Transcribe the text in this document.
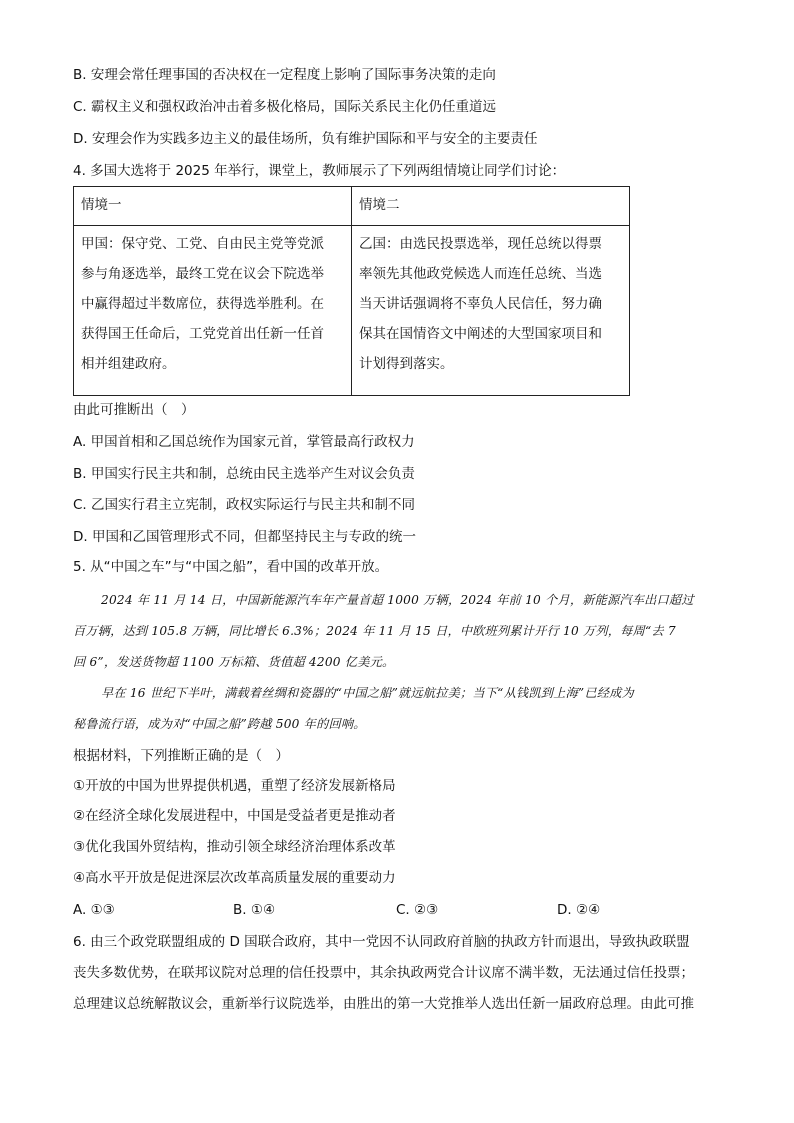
B. 安理会常任理事国的否决权在一定程度上影响了国际事务决策的走向
C. 霸权主义和强权政治冲击着多极化格局，国际关系民主化仍任重道远
D. 安理会作为实践多边主义的最佳场所，负有维护国际和平与安全的主要责任
4. 多国大选将于 2025 年举行，课堂上，教师展示了下列两组情境让同学们讨论：
情境一	情境二

甲国：保守党、工党、自由民主党等党派
参与角逐选举，最终工党在议会下院选举
中赢得超过半数席位，获得选举胜利。在
获得国王任命后，工党党首出任新一任首
相并组建政府。	乙国：由选民投票选举，现任总统以得票
率领先其他政党候选人而连任总统、当选
当天讲话强调将不辜负人民信任，努力确
保其在国情咨文中阐述的大型国家项目和
计划得到落实。
由此可推断出（　）
A. 甲国首相和乙国总统作为国家元首，掌管最高行政权力
B. 甲国实行民主共和制，总统由民主选举产生对议会负责
C. 乙国实行君主立宪制，政权实际运行与民主共和制不同
D. 甲国和乙国管理形式不同，但都坚持民主与专政的统一
5. 从“中国之车”与“中国之船”，看中国的改革开放。
2024 年 11 月 14 日，中国新能源汽车年产量首超 1000 万辆，2024 年前 10 个月，新能源汽车出口超过
百万辆，达到 105.8 万辆，同比增长 6.3%；2024 年 11 月 15 日，中欧班列累计开行 10 万列，每周“去 7
回 6”，发送货物超 1100 万标箱、货值超 4200 亿美元。
早在 16 世纪下半叶，满载着丝绸和瓷器的“中国之船”就远航拉美；当下“从钱凯到上海”已经成为
秘鲁流行语，成为对“中国之船”跨越 500 年的回响。
根据材料，下列推断正确的是（　）
①开放的中国为世界提供机遇，重塑了经济发展新格局
②在经济全球化发展进程中，中国是受益者更是推动者
③优化我国外贸结构，推动引领全球经济治理体系改革
④高水平开放是促进深层次改革高质量发展的重要动力
A. ①③	B. ①④	C. ②③	D. ②④
6. 由三个政党联盟组成的 D 国联合政府，其中一党因不认同政府首脑的执政方针而退出，导致执政联盟
丧失多数优势，在联邦议院对总理的信任投票中，其余执政两党合计议席不满半数，无法通过信任投票；
总理建议总统解散议会，重新举行议院选举，由胜出的第一大党推举人选出任新一届政府总理。由此可推
